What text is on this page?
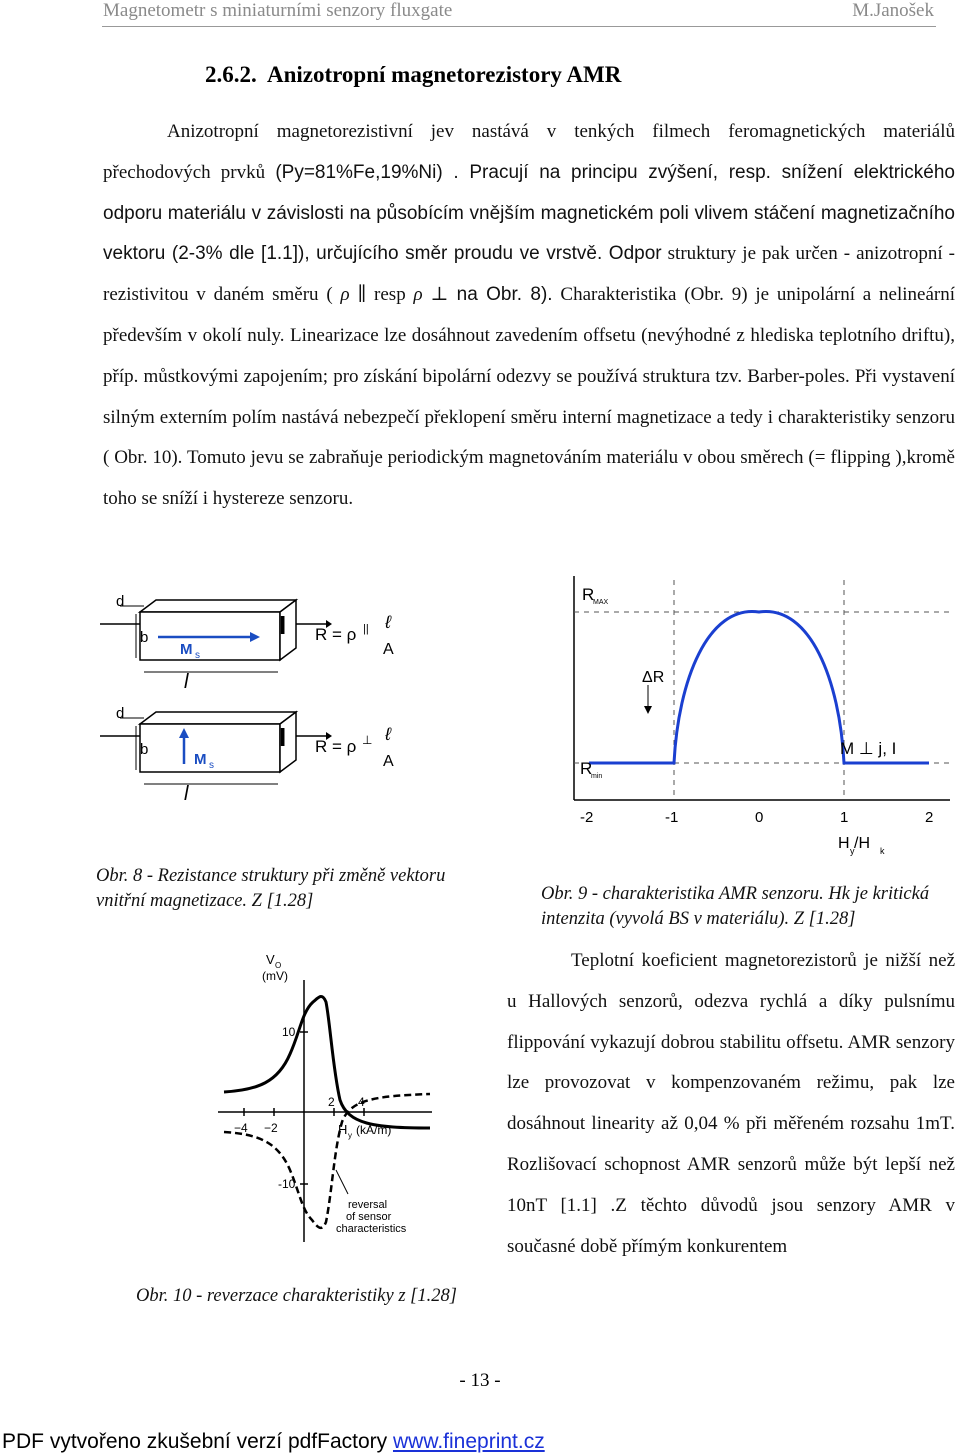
Magnetometr s miniaturními senzory fluxgate	M.Janošek
2.6.2. Anizotropní magnetorezistory AMR
Anizotropní magnetorezistivní jev nastává v tenkých filmech feromagnetických materiálů přechodových prvků (Py=81%Fe,19%Ni) . Pracují na principu zvýšení, resp. snížení elektrického odporu materiálu v závislosti na působícím vnějším magnetickém poli vlivem stáčení magnetizačního vektoru (2-3% dle [1.1]), určujícího směr proudu ve vrstvě. Odpor struktury je pak určen - anizotropní - rezistivitou v daném směru ( ρ ∥ resp ρ ⊥ na Obr. 8). Charakteristika (Obr. 9) je unipolární a nelineární především v okolí nuly. Linearizace lze dosáhnout zavedením offsetu (nevýhodné z hlediska teplotního driftu), příp. můstkovými zapojením; pro získání bipolární odezvy se používá struktura tzv. Barber-poles. Při vystavení silným externím polím nastává nebezpečí překlopení směru interní magnetizace a tedy i charakteristiky senzoru ( Obr. 10). Tomuto jevu se zabraňuje periodickým magnetováním materiálu v obou směrech (= flipping ),kromě toho se sníží i hystereze senzoru.
d
b
M s
l
d
b
M s
l
I R = ρ || ℓ
A
I R = ρ ⊥ ℓ
A
Obr. 8 - Rezistance struktury při změně vektoru vnitřní magnetizace. Z [1.28]
-2	-1	0	1	2
R
MAX
R
min
ΔR
M ⊥ j, I
H y /H k
Obr. 9 - charakteristika AMR senzoru. Hk je kritická intenzita (vyvolá BS v materiálu). Z [1.28]
V O
(mV)
10
-10
−4 −2
2 4
H y (kA/m)
reversal
of sensor
characteristics
Obr. 10 - reverzace charakteristiky z [1.28]
Teplotní koeficient magnetorezistorů je nižší než u Hallových senzorů, odezva rychlá a díky pulsnímu flippování vykazují dobrou stabilitu offsetu. AMR senzory lze provozovat v kompenzovaném režimu, pak lze dosáhnout linearity až 0,04 % při měřeném rozsahu 1mT. Rozlišovací schopnost AMR senzorů může být lepší než 10nT [1.1] .Z těchto důvodů jsou senzory AMR v současné době přímým konkurentem
- 13 -
PDF vytvořeno zkušební verzí pdfFactory www.fineprint.cz
